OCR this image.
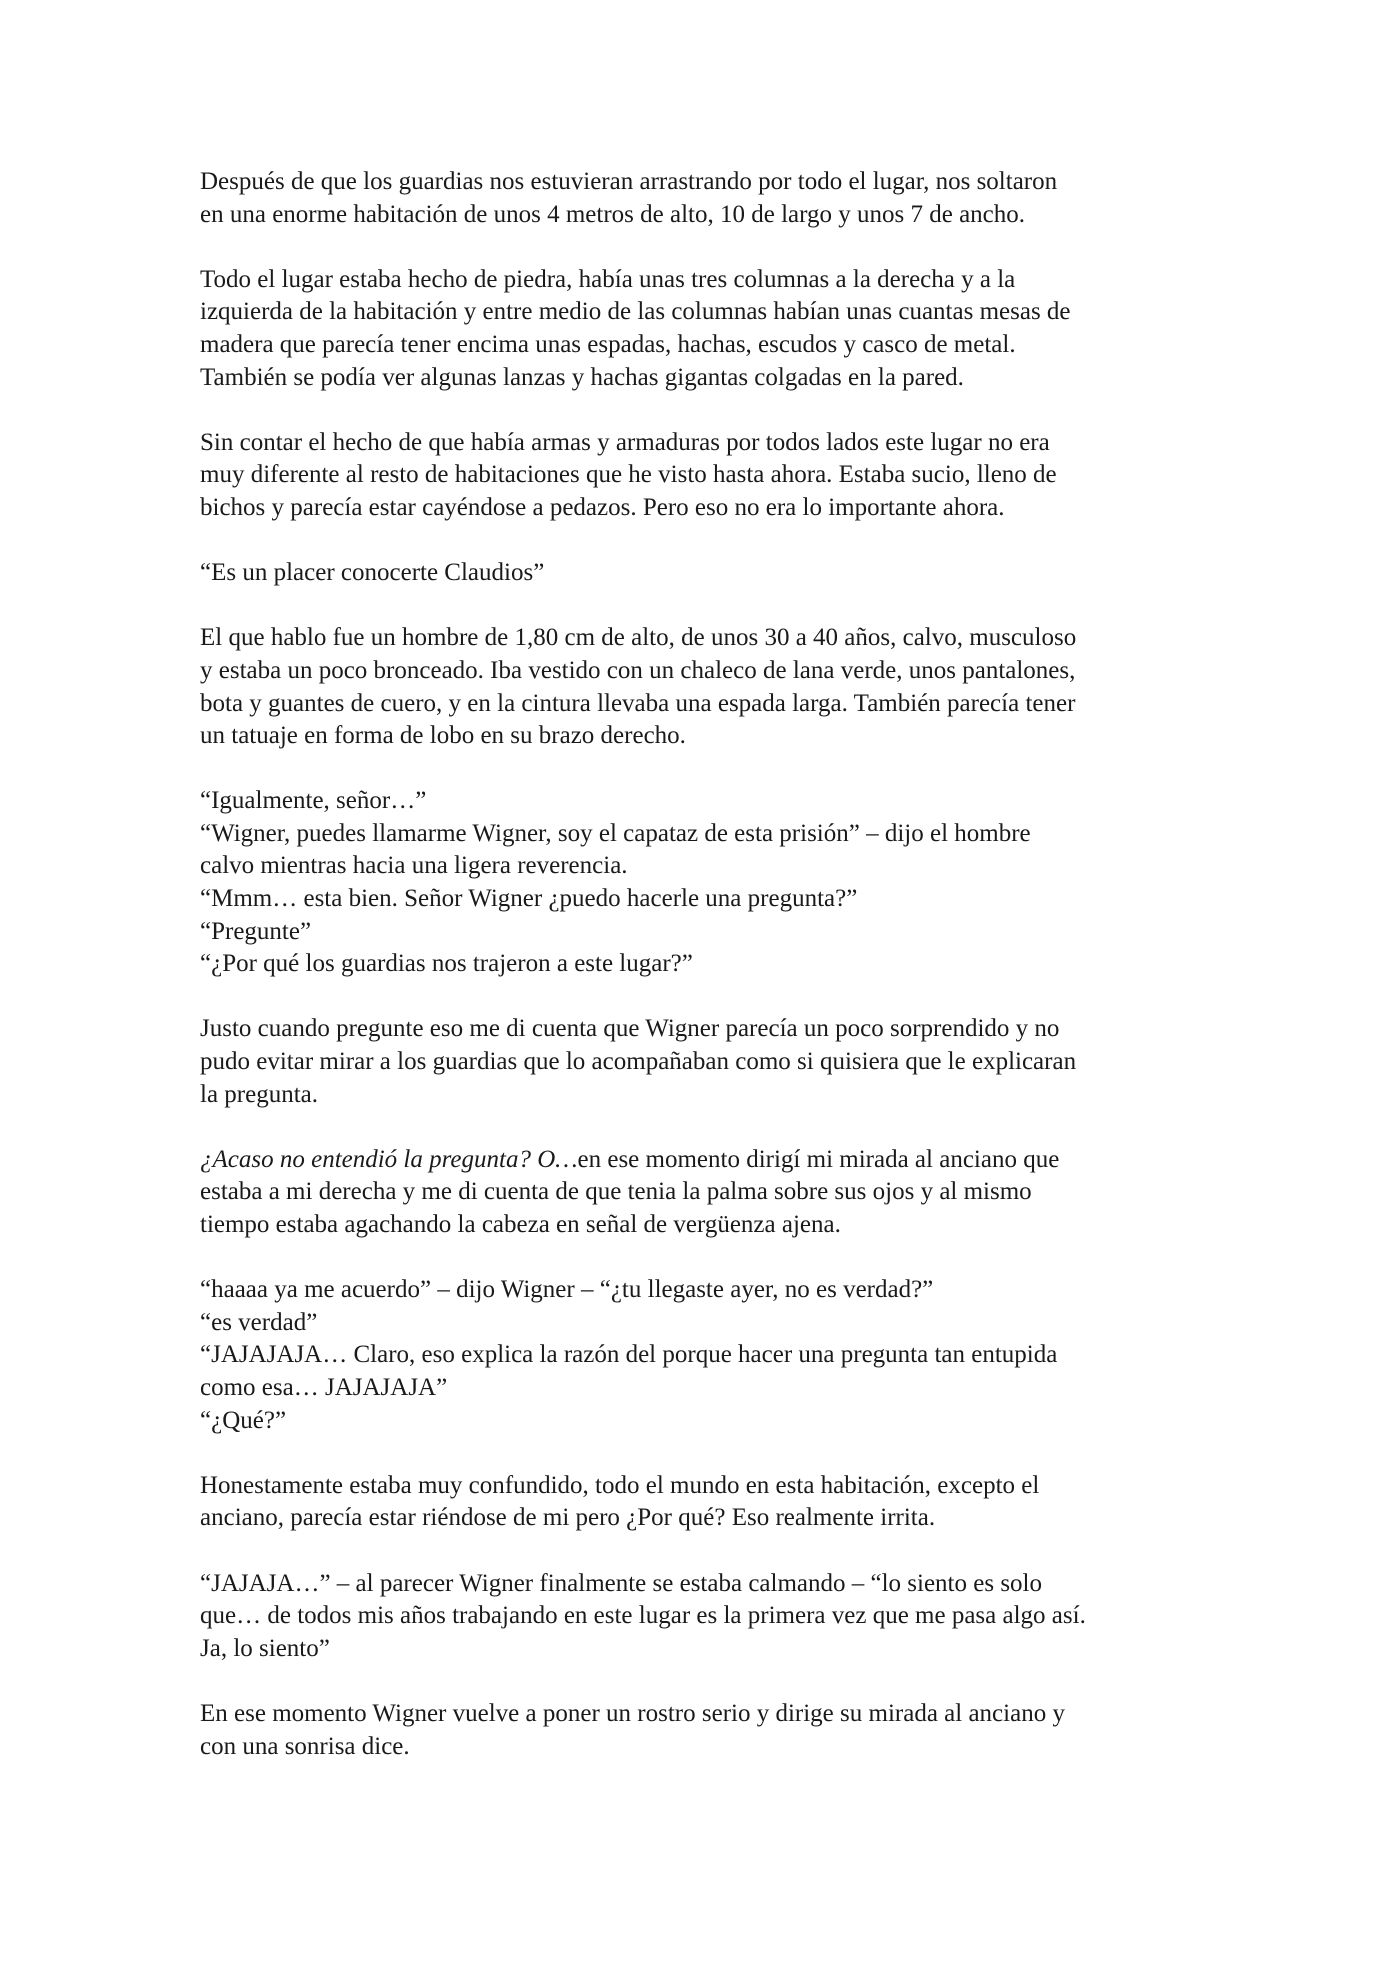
Después de que los guardias nos estuvieran arrastrando por todo el lugar, nos soltaron
en una enorme habitación de unos 4 metros de alto, 10 de largo y unos 7 de ancho.

Todo el lugar estaba hecho de piedra, había unas tres columnas a la derecha y a la
izquierda de la habitación y entre medio de las columnas habían unas cuantas mesas de
madera que parecía tener encima unas espadas, hachas, escudos y casco de metal.
También se podía ver algunas lanzas y hachas gigantas colgadas en la pared.

Sin contar el hecho de que había armas y armaduras por todos lados este lugar no era
muy diferente al resto de habitaciones que he visto hasta ahora. Estaba sucio, lleno de
bichos y parecía estar cayéndose a pedazos. Pero eso no era lo importante ahora.

“Es un placer conocerte Claudios”

El que hablo fue un hombre de 1,80 cm de alto, de unos 30 a 40 años, calvo, musculoso
y estaba un poco bronceado. Iba vestido con un chaleco de lana verde, unos pantalones,
bota y guantes de cuero, y en la cintura llevaba una espada larga. También parecía tener
un tatuaje en forma de lobo en su brazo derecho.

“Igualmente, señor…”
“Wigner, puedes llamarme Wigner, soy el capataz de esta prisión” – dijo el hombre
calvo mientras hacia una ligera reverencia.
“Mmm… esta bien. Señor Wigner ¿puedo hacerle una pregunta?”
“Pregunte”
“¿Por qué los guardias nos trajeron a este lugar?”

Justo cuando pregunte eso me di cuenta que Wigner parecía un poco sorprendido y no
pudo evitar mirar a los guardias que lo acompañaban como si quisiera que le explicaran
la pregunta.

¿Acaso no entendió la pregunta? O…en ese momento dirigí mi mirada al anciano que
estaba a mi derecha y me di cuenta de que tenia la palma sobre sus ojos y al mismo
tiempo estaba agachando la cabeza en señal de vergüenza ajena.

“haaaa ya me acuerdo” – dijo Wigner – “¿tu llegaste ayer, no es verdad?”
“es verdad”
“JAJAJAJA… Claro, eso explica la razón del porque hacer una pregunta tan entupida
como esa… JAJAJAJA”
“¿Qué?”

Honestamente estaba muy confundido, todo el mundo en esta habitación, excepto el
anciano, parecía estar riéndose de mi pero ¿Por qué? Eso realmente irrita.

“JAJAJA…” – al parecer Wigner finalmente se estaba calmando – “lo siento es solo
que… de todos mis años trabajando en este lugar es la primera vez que me pasa algo así.
Ja, lo siento”

En ese momento Wigner vuelve a poner un rostro serio y dirige su mirada al anciano y
con una sonrisa dice.
